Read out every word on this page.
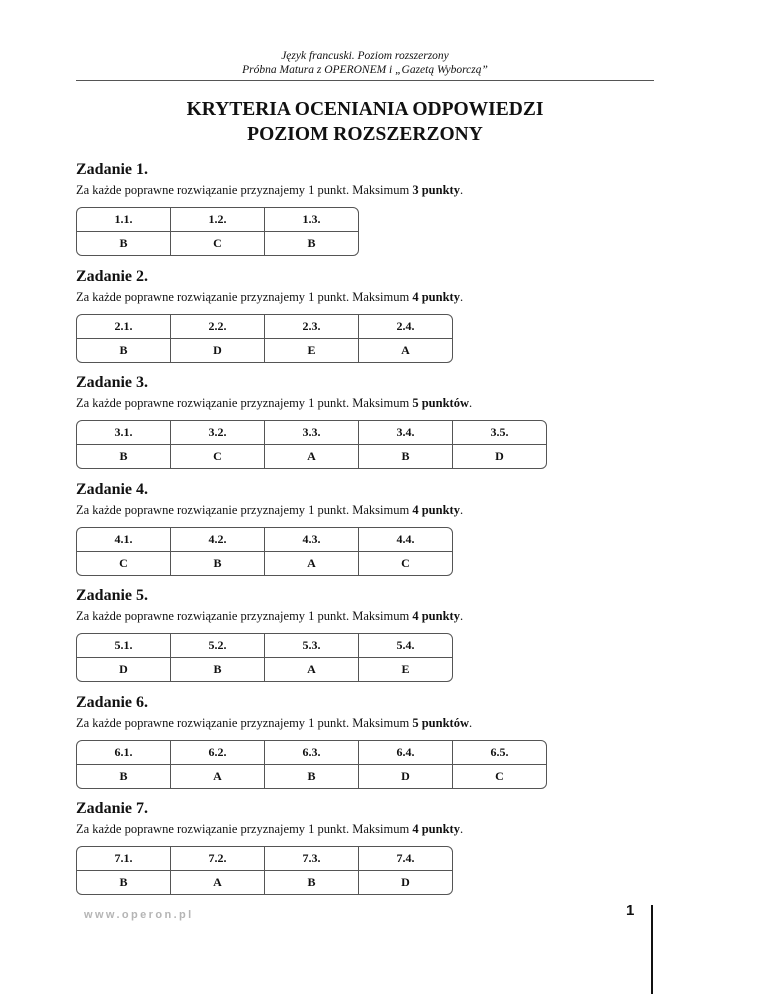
Język francuski. Poziom rozszerzony
Próbna Matura z OPERONEM i „Gazetą Wyborczą”
KRYTERIA OCENIANIA ODPOWIEDZI
POZIOM ROZSZERZONY
Zadanie 1.
Za każde poprawne rozwiązanie przyznajemy 1 punkt. Maksimum 3 punkty.
1.1.	1.2.	1.3.
B	C	B
Zadanie 2.
Za każde poprawne rozwiązanie przyznajemy 1 punkt. Maksimum 4 punkty.
2.1.	2.2.	2.3.	2.4.
B	D	E	A
Zadanie 3.
Za każde poprawne rozwiązanie przyznajemy 1 punkt. Maksimum 5 punktów.
3.1.	3.2.	3.3.	3.4.	3.5.
B	C	A	B	D
Zadanie 4.
Za każde poprawne rozwiązanie przyznajemy 1 punkt. Maksimum 4 punkty.
4.1.	4.2.	4.3.	4.4.
C	B	A	C
Zadanie 5.
Za każde poprawne rozwiązanie przyznajemy 1 punkt. Maksimum 4 punkty.
5.1.	5.2.	5.3.	5.4.
D	B	A	E
Zadanie 6.
Za każde poprawne rozwiązanie przyznajemy 1 punkt. Maksimum 5 punktów.
6.1.	6.2.	6.3.	6.4.	6.5.
B	A	B	D	C
Zadanie 7.
Za każde poprawne rozwiązanie przyznajemy 1 punkt. Maksimum 4 punkty.
7.1.	7.2.	7.3.	7.4.
B	A	B	D
www.operon.pl	1
